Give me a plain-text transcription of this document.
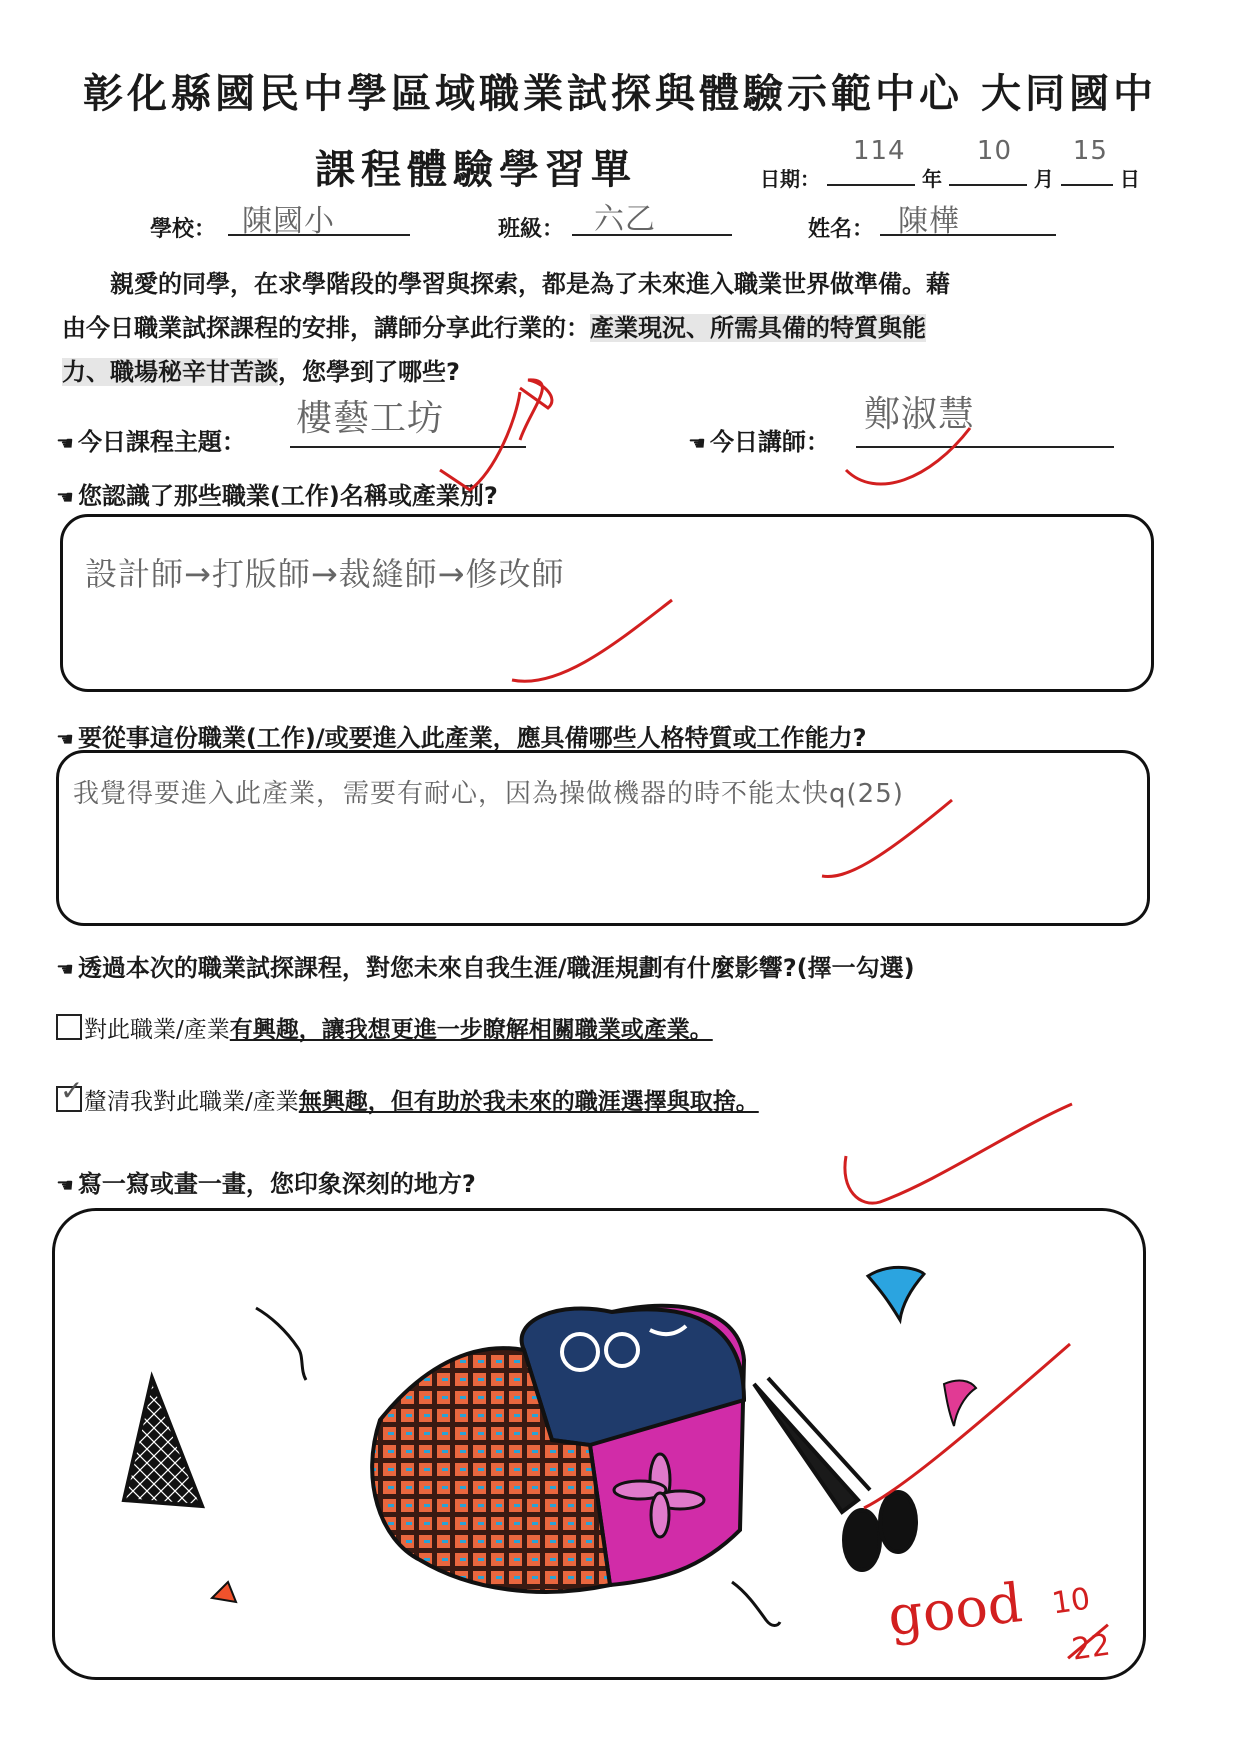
彰化縣國民中學區域職業試探與體驗示範中心 大同國中
課程體驗學習單	日期：
114
年
10
月
15
日
學校： 陳國小	班級： 六乙	姓名： 陳樺
親愛的同學，在求學階段的學習與探索，都是為了未來進入職業世界做準備。藉
由今日職業試探課程的安排，講師分享此行業的：產業現況、所需具備的特質與能
力、職場秘辛甘苦談，您學到了哪些?
☚ 今日課程主題：
樓藝工坊
☚ 今日講師：
鄭淑慧
☚ 您認識了那些職業(工作)名稱或產業別?
設計師→打版師→裁縫師→修改師
☚ 要從事這份職業(工作)/或要進入此產業，應具備哪些人格特質或工作能力?
我覺得要進入此產業，需要有耐心，因為操做機器的時不能太快q(25)
☚ 透過本次的職業試探課程，對您未來自我生涯/職涯規劃有什麼影響?(擇一勾選)
對此職業/產業有興趣，讓我想更進一步瞭解相關職業或產業。
✓ 釐清我對此職業/產業無興趣，但有助於我未來的職涯選擇與取捨。
☚ 寫一寫或畫一畫，您印象深刻的地方?
good 10
22
